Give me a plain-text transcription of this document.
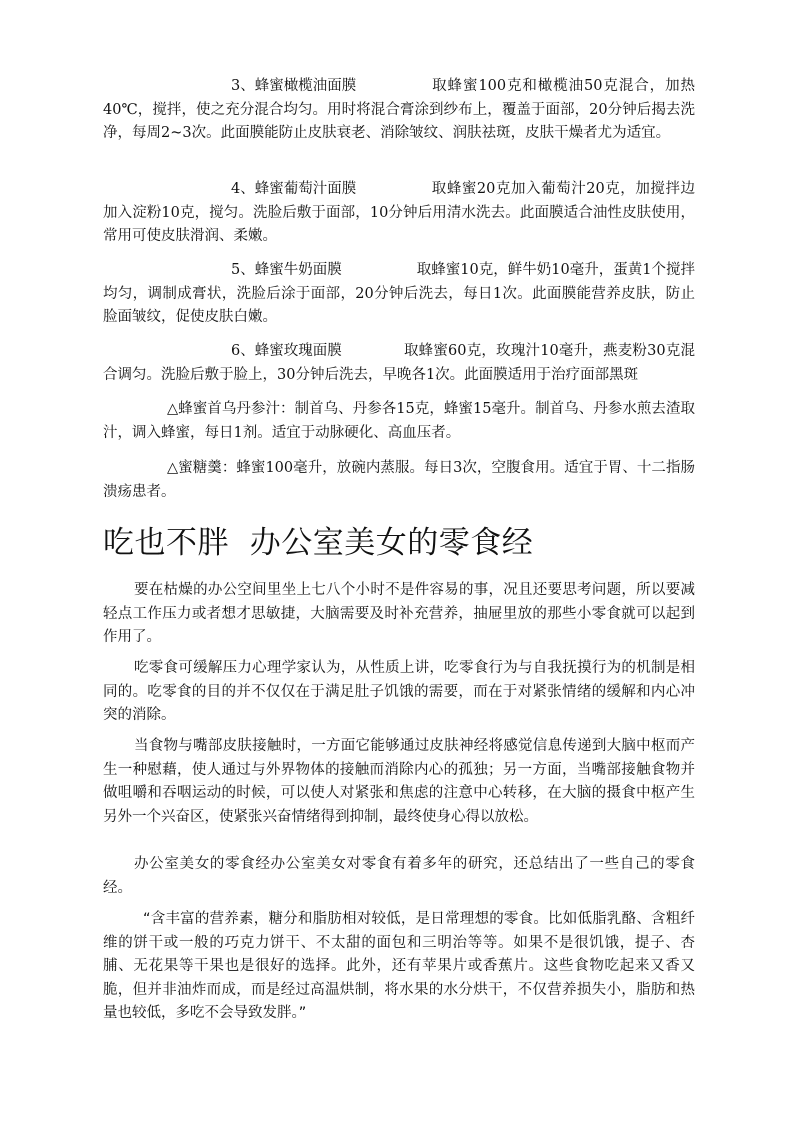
3、蜂蜜橄榄油面膜	取蜂蜜100克和橄榄油50克混合，加热40℃，搅拌，使之充分混合均匀。用时将混合膏涂到纱布上，覆盖于面部，20分钟后揭去洗净，每周2~3次。此面膜能防止皮肤衰老、消除皱纹、润肤祛斑，皮肤干燥者尤为适宜。

4、蜂蜜葡萄汁面膜	取蜂蜜20克加入葡萄汁20克，加搅拌边加入淀粉10克，搅匀。洗脸后敷于面部，10分钟后用清水洗去。此面膜适合油性皮肤使用，常用可使皮肤滑润、柔嫩。

5、蜂蜜牛奶面膜	取蜂蜜10克，鲜牛奶10毫升，蛋黄1个搅拌均匀，调制成膏状，洗脸后涂于面部，20分钟后洗去，每日1次。此面膜能营养皮肤，防止脸面皱纹，促使皮肤白嫩。

6、蜂蜜玫瑰面膜	取蜂蜜60克，玫瑰汁10毫升，燕麦粉30克混合调匀。洗脸后敷于脸上，30分钟后洗去，早晚各1次。此面膜适用于治疗面部黑斑

△蜂蜜首乌丹参汁：制首乌、丹参各15克，蜂蜜15毫升。制首乌、丹参水煎去渣取汁，调入蜂蜜，每日1剂。适宜于动脉硬化、高血压者。

△蜜糖羹：蜂蜜100毫升，放碗内蒸服。每日3次，空腹食用。适宜于胃、十二指肠溃疡患者。

吃也不胖  办公室美女的零食经

要在枯燥的办公空间里坐上七八个小时不是件容易的事，况且还要思考问题，所以要减轻点工作压力或者想才思敏捷，大脑需要及时补充营养，抽屉里放的那些小零食就可以起到作用了。

吃零食可缓解压力心理学家认为，从性质上讲，吃零食行为与自我抚摸行为的机制是相同的。吃零食的目的并不仅仅在于满足肚子饥饿的需要，而在于对紧张情绪的缓解和内心冲突的消除。

当食物与嘴部皮肤接触时，一方面它能够通过皮肤神经将感觉信息传递到大脑中枢而产生一种慰藉，使人通过与外界物体的接触而消除内心的孤独；另一方面，当嘴部接触食物并做咀嚼和吞咽运动的时候，可以使人对紧张和焦虑的注意中心转移，在大脑的摄食中枢产生另外一个兴奋区，使紧张兴奋情绪得到抑制，最终使身心得以放松。

办公室美女的零食经办公室美女对零食有着多年的研究，还总结出了一些自己的零食经。

“含丰富的营养素，糖分和脂肪相对较低，是日常理想的零食。比如低脂乳酪、含粗纤维的饼干或一般的巧克力饼干、不太甜的面包和三明治等等。如果不是很饥饿，提子、杏脯、无花果等干果也是很好的选择。此外，还有苹果片或香蕉片。这些食物吃起来又香又脆，但并非油炸而成，而是经过高温烘制，将水果的水分烘干，不仅营养损失小，脂肪和热量也较低，多吃不会导致发胖。”
